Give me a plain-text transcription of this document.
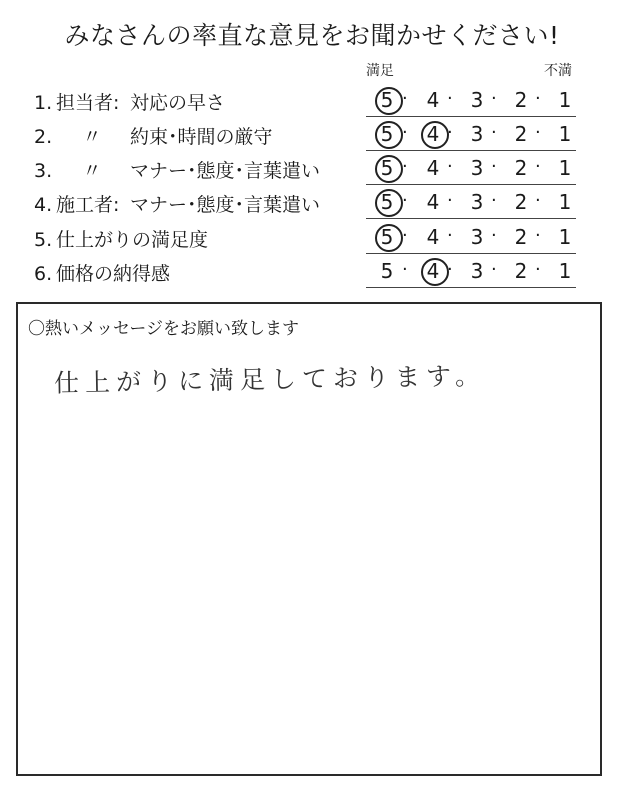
みなさんの率直な意見をお聞かせください!
満足	不満
1. 担当者: 対応の早さ	5 · 4 · 3 · 2 · 1
2. 〃 約束･時間の厳守	5 · 4 · 3 · 2 · 1
3. 〃 マナー･態度･言葉遣い	5 · 4 · 3 · 2 · 1
4. 施工者: マナー･態度･言葉遣い	5 · 4 · 3 · 2 · 1
5. 仕上がりの満足度	5 · 4 · 3 · 2 · 1
6. 価格の納得感	5 · 4 · 3 · 2 · 1
〇熱いメッセージをお願い致します
仕上がりに満足しております。
